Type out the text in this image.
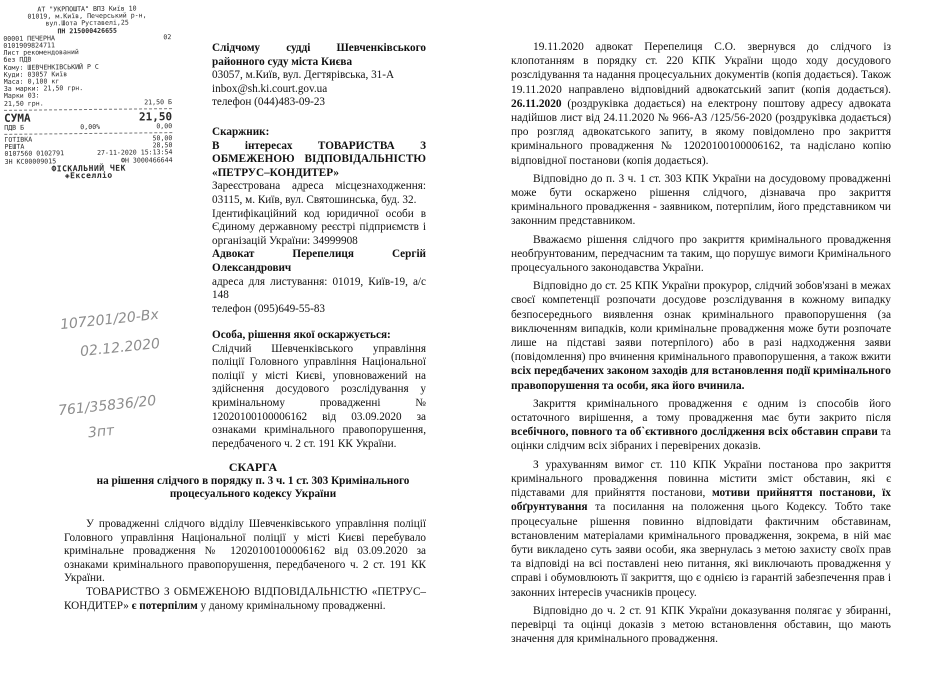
АТ "УКРПОШТА" ВПЗ Київ 10
01019, м.Київ, Печерський р-н,
вул.Шота Руставелі,25
ПН 215000426655
00001 ПЕЧЕРНА	02
0101909824711
Лист рекомендований
без ПДВ
Кому: ШЕВЧЕНКІВСЬКИЙ Р С
Куди: 03057 Київ
Маса: 0,100 кг
За марки: 21,50 грн.
Марки 03:
21,50 грн.	21,50 Б
СУМА	21,50
ПДВ Б	0,00%	0,00
ГОТІВКА	50,00
РЕШТА	28,50
0107560 0102791	27-11-2020 15:13:54
ЗН КС00009015	ФН 3000466644
ФІСКАЛЬНИЙ ЧЕК
◈Екселліо
107201/20-Вх
02.12.2020
761/35836/20
3пт

Слідчому судді Шевченківського районного суду міста Києва

03057, м.Київ, вул. Дегтярівська, 31-А

inbox@sh.ki.court.gov.ua

телефон (044)483-09-23

Скаржник:

В інтересах ТОВАРИСТВА З ОБМЕЖЕНОЮ ВІДПОВІДАЛЬНІСТЮ «ПЕТРУС–КОНДИТЕР»

Зареєстрована адреса місцезнаходження: 03115, м. Київ, вул. Святошинська, буд. 32.

Ідентифікаційний код юридичної особи в Єдиному державному реєстрі підприємств і організацій України: 34999908

Адвокат Перепелиця Сергій Олександрович

адреса для листування: 01019, Київ-19, а/с 148

телефон (095)649-55-83

Особа, рішення якої оскаржується:

Слідчий Шевченківського управління поліції Головного управління Національної поліції у місті Києві, уповноважений на здійснення досудового розслідування у кримінальному провадженні № 12020100100006162 від 03.09.2020 за ознаками кримінального правопорушення, передбаченого ч. 2 ст. 191 КК України.

СКАРГА

на рішення слідчого в порядку п. 3 ч. 1 ст. 303 Кримінального процесуального кодексу України

У провадженні слідчого відділу Шевченківського управління поліції Головного управління Національної поліції у місті Києві перебувало кримінальне провадження № 12020100100006162 від 03.09.2020 за ознаками кримінального правопорушення, передбаченого ч. 2 ст. 191 КК України.

ТОВАРИСТВО З ОБМЕЖЕНОЮ ВІДПОВІДАЛЬНІСТЮ «ПЕТРУС–КОНДИТЕР» є потерпілим у даному кримінальному провадженні.

19.11.2020 адвокат Перепелиця С.О. звернувся до слідчого із клопотанням в порядку ст. 220 КПК України щодо ходу досудового розслідування та надання процесуальних документів (копія додається). Також 19.11.2020 направлено відповідний адвокатський запит (копія додається). 26.11.2020 (роздруківка додається) на електрону поштову адресу адвоката надійшов лист від 24.11.2020 № 966-АЗ /125/56-2020 (роздруківка додається) про розгляд адвокатського запиту, в якому повідомлено про закриття кримінального провадження № 12020100100006162, та надіслано копію відповідної постанови (копія додається).

Відповідно до п. 3 ч. 1 ст. 303 КПК України на досудовому провадженні може бути оскаржено рішення слідчого, дізнавача про закриття кримінального провадження - заявником, потерпілим, його представником чи законним представником.

Вважаємо рішення слідчого про закриття кримінального провадження необґрунтованим, передчасним та таким, що порушує вимоги Кримінального процесуального законодавства України.

Відповідно до ст. 25 КПК України прокурор, слідчий зобов'язані в межах своєї компетенції розпочати досудове розслідування в кожному випадку безпосереднього виявлення ознак кримінального правопорушення (за виключенням випадків, коли кримінальне провадження може бути розпочате лише на підставі заяви потерпілого) або в разі надходження заяви (повідомлення) про вчинення кримінального правопорушення, а також вжити всіх передбачених законом заходів для встановлення події кримінального правопорушення та особи, яка його вчинила.

Закриття кримінального провадження є одним із способів його остаточного вирішення, а тому провадження має бути закрито після всебічного, повного та об`єктивного дослідження всіх обставин справи та оцінки слідчим всіх зібраних і перевірених доказів.

З урахуванням вимог ст. 110 КПК України постанова про закриття кримінального провадження повинна містити зміст обставин, які є підставами для прийняття постанови, мотиви прийняття постанови, їх обґрунтування та посилання на положення цього Кодексу. Тобто таке процесуальне рішення повинно відповідати фактичним обставинам, встановленим матеріалами кримінального провадження, зокрема, в ній має бути викладено суть заяви особи, яка звернулась з метою захисту своїх прав та відповіді на всі поставлені нею питання, які виключають провадження у справі і обумовлюють її закриття, що є однією із гарантій забезпечення прав і законних інтересів учасників процесу.

Відповідно до ч. 2 ст. 91 КПК України доказування полягає у збиранні, перевірці та оцінці доказів з метою встановлення обставин, що мають значення для кримінального провадження.
